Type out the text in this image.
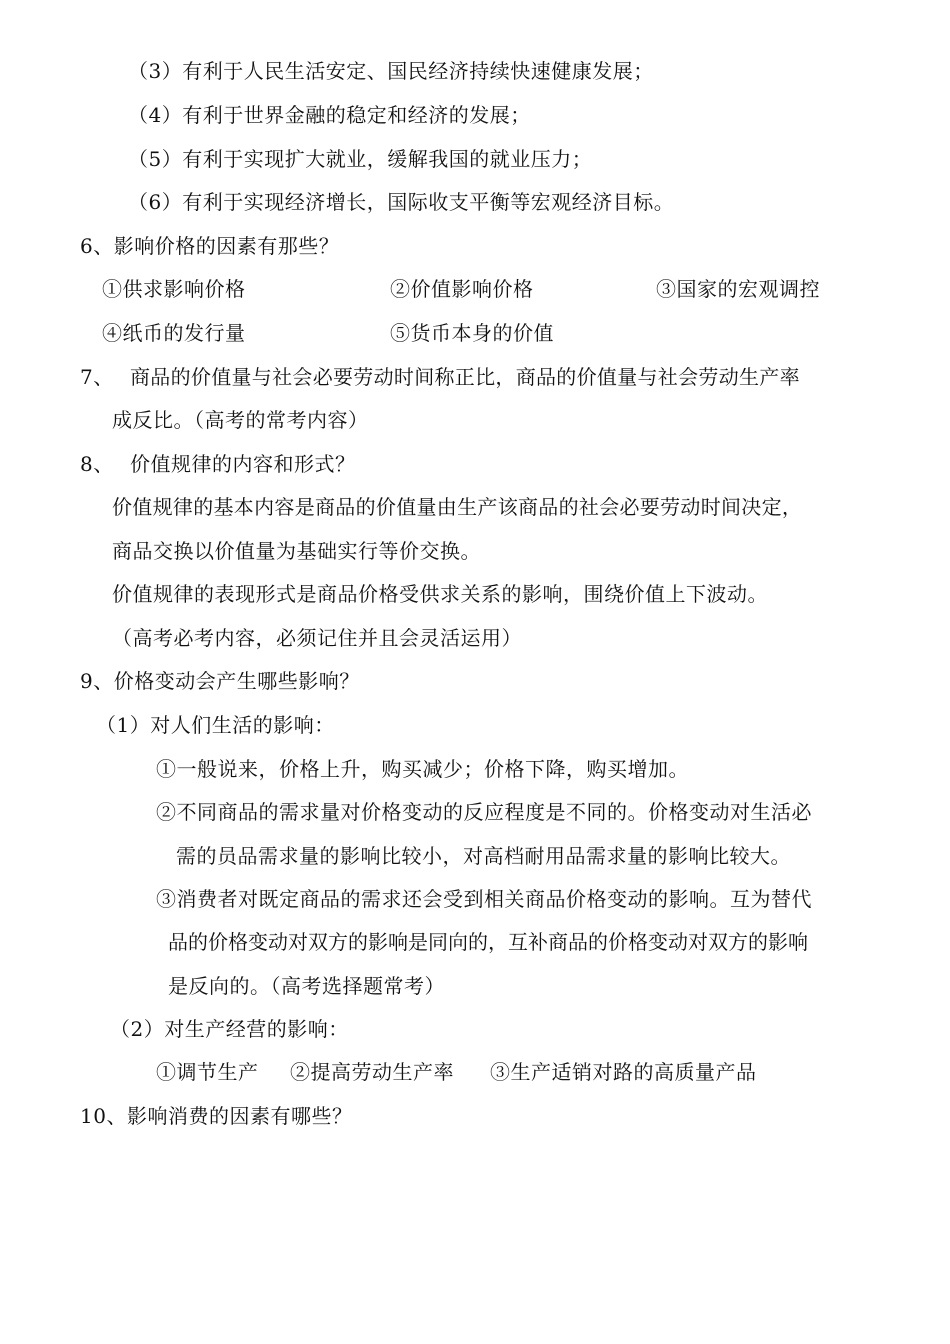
（3）有利于人民生活安定、国民经济持续快速健康发展；
（4）有利于世界金融的稳定和经济的发展；
（5）有利于实现扩大就业，缓解我国的就业压力；
（6）有利于实现经济增长，国际收支平衡等宏观经济目标。
6、影响价格的因素有那些？
①供求影响价格	②价值影响价格	③国家的宏观调控
④纸币的发行量	⑤货币本身的价值
7、 商品的价值量与社会必要劳动时间称正比，商品的价值量与社会劳动生产率
成反比。（高考的常考内容）
8、 价值规律的内容和形式？
价值规律的基本内容是商品的价值量由生产该商品的社会必要劳动时间决定，
商品交换以价值量为基础实行等价交换。
价值规律的表现形式是商品价格受供求关系的影响，围绕价值上下波动。
（高考必考内容，必须记住并且会灵活运用）
9、价格变动会产生哪些影响？
（1）对人们生活的影响：
①一般说来，价格上升，购买减少；价格下降，购买增加。
②不同商品的需求量对价格变动的反应程度是不同的。价格变动对生活必
需的员品需求量的影响比较小，对高档耐用品需求量的影响比较大。
③消费者对既定商品的需求还会受到相关商品价格变动的影响。互为替代
品的价格变动对双方的影响是同向的，互补商品的价格变动对双方的影响
是反向的。（高考选择题常考）
（2）对生产经营的影响：
①调节生产 ②提高劳动生产率 ③生产适销对路的高质量产品
10、影响消费的因素有哪些？
